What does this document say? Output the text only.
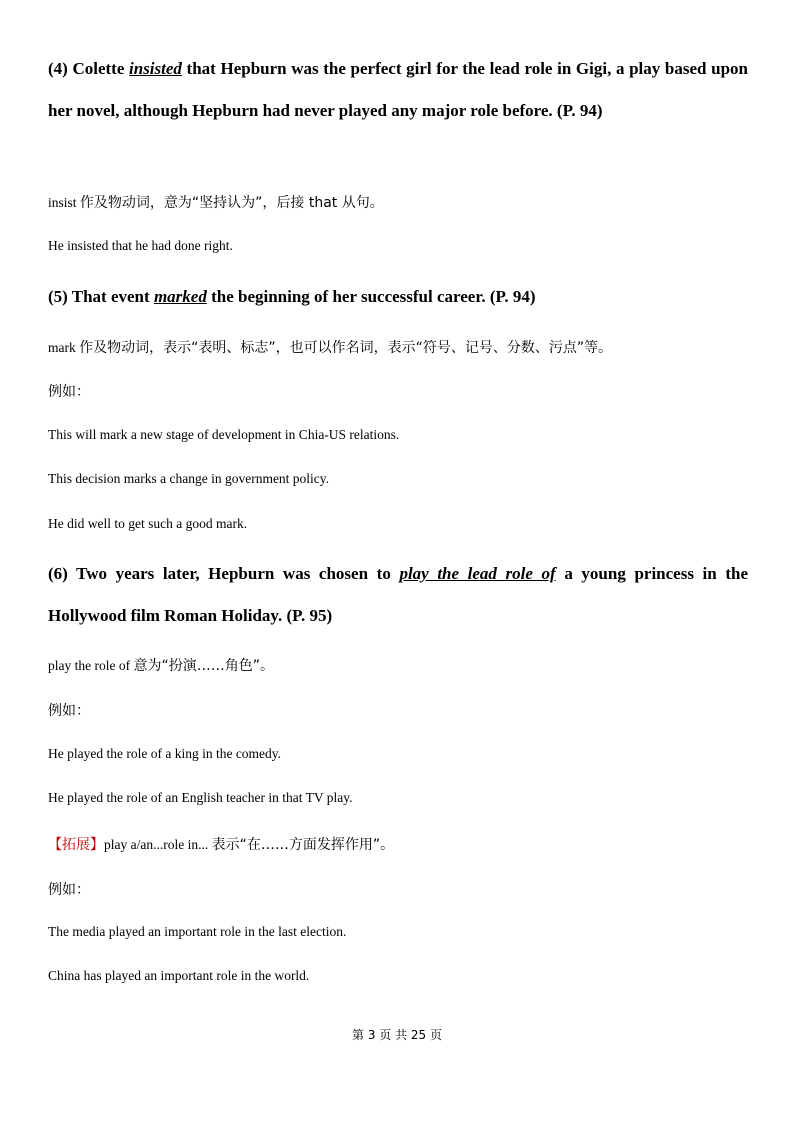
(4) Colette insisted that Hepburn was the perfect girl for the lead role in Gigi, a play based upon her novel, although Hepburn had never played any major role before. (P. 94)

insist 作及物动词，意为“坚持认为”，后接 that 从句。

He insisted that he had done right.

(5) That event marked the beginning of her successful career. (P. 94)

mark 作及物动词，表示“表明、标志”，也可以作名词，表示“符号、记号、分数、污点”等。

例如：

This will mark a new stage of development in Chia-US relations.

This decision marks a change in government policy.

He did well to get such a good mark.

(6) Two years later, Hepburn was chosen to play the lead role of a young princess in the Hollywood film Roman Holiday. (P. 95)

play the role of 意为“扮演……角色”。

例如：

He played the role of a king in the comedy.

He played the role of an English teacher in that TV play.

【拓展】play a/an...role in... 表示“在……方面发挥作用”。

例如：

The media played an important role in the last election.

China has played an important role in the world.

第 3 页 共 25 页
